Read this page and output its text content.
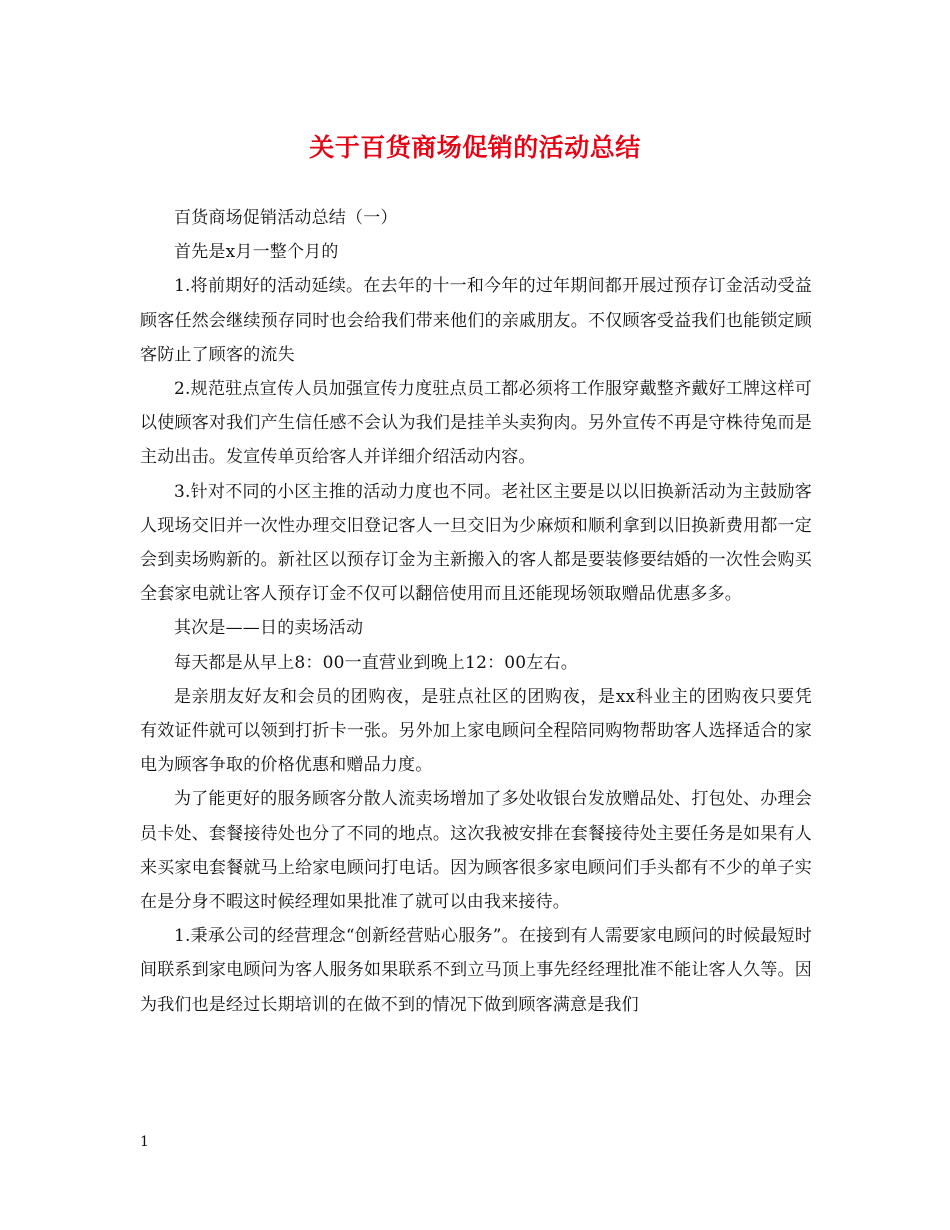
关于百货商场促销的活动总结

百货商场促销活动总结（一）

首先是x月一整个月的

1.将前期好的活动延续。在去年的十一和今年的过年期间都开展过预存订金活动受益顾客任然会继续预存同时也会给我们带来他们的亲戚朋友。不仅顾客受益我们也能锁定顾客防止了顾客的流失

2.规范驻点宣传人员加强宣传力度驻点员工都必须将工作服穿戴整齐戴好工牌这样可以使顾客对我们产生信任感不会认为我们是挂羊头卖狗肉。另外宣传不再是守株待兔而是主动出击。发宣传单页给客人并详细介绍活动内容。

3.针对不同的小区主推的活动力度也不同。老社区主要是以以旧换新活动为主鼓励客人现场交旧并一次性办理交旧登记客人一旦交旧为少麻烦和顺利拿到以旧换新费用都一定会到卖场购新的。新社区以预存订金为主新搬入的客人都是要装修要结婚的一次性会购买全套家电就让客人预存订金不仅可以翻倍使用而且还能现场领取赠品优惠多多。

其次是——日的卖场活动

每天都是从早上8：00一直营业到晚上12：00左右。

是亲朋友好友和会员的团购夜，是驻点社区的团购夜，是xx科业主的团购夜只要凭有效证件就可以领到打折卡一张。另外加上家电顾问全程陪同购物帮助客人选择适合的家电为顾客争取的价格优惠和赠品力度。

为了能更好的服务顾客分散人流卖场增加了多处收银台发放赠品处、打包处、办理会员卡处、套餐接待处也分了不同的地点。这次我被安排在套餐接待处主要任务是如果有人来买家电套餐就马上给家电顾问打电话。因为顾客很多家电顾问们手头都有不少的单子实在是分身不暇这时候经理如果批准了就可以由我来接待。

1.秉承公司的经营理念“创新经营贴心服务”。在接到有人需要家电顾问的时候最短时间联系到家电顾问为客人服务如果联系不到立马顶上事先经经理批准不能让客人久等。因为我们也是经过长期培训的在做不到的情况下做到顾客满意是我们

1
